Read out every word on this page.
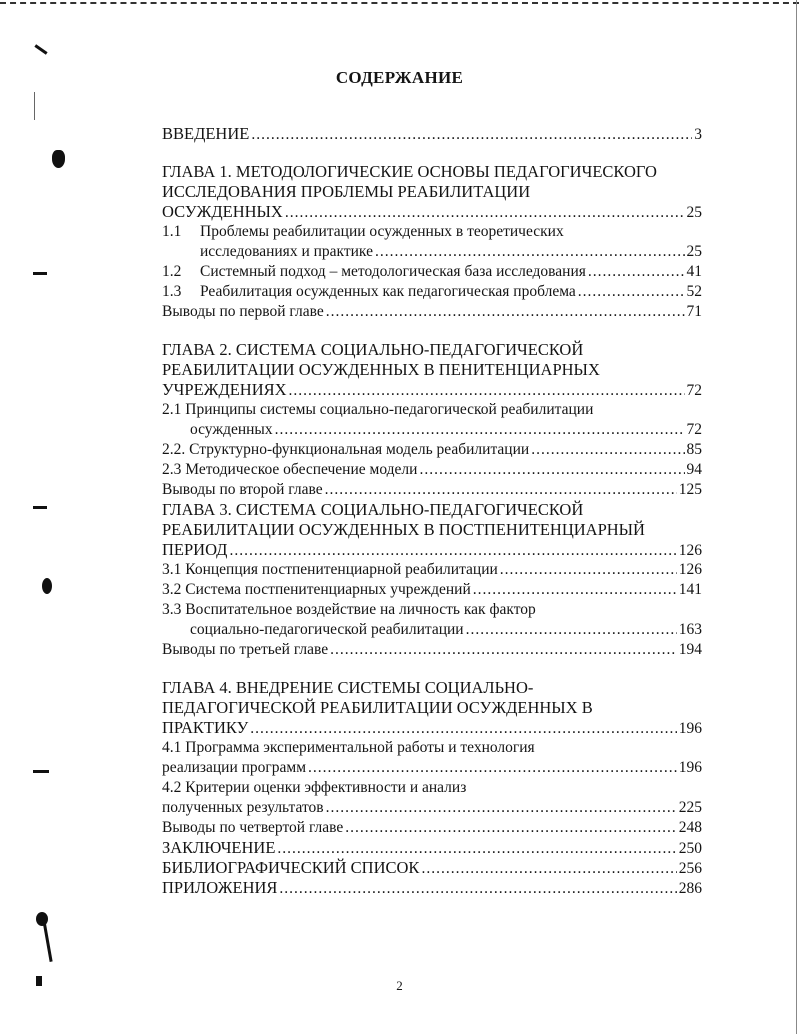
СОДЕРЖАНИЕ
ВВЕДЕНИЕ .....	3
ГЛАВА 1. МЕТОДОЛОГИЧЕСКИЕ ОСНОВЫ ПЕДАГОГИЧЕСКОГО
ИССЛЕДОВАНИЯ ПРОБЛЕМЫ РЕАБИЛИТАЦИИ
ОСУЖДЕННЫХ .....	25
1.1 Проблемы реабилитации осужденных в теоретических
исследованиях и практике .....	25
1.2	Системный подход – методологическая база исследования .....	41
1.3	Реабилитация осужденных как педагогическая проблема .....	52
Выводы по первой главе .....	71
ГЛАВА 2. СИСТЕМА СОЦИАЛЬНО-ПЕДАГОГИЧЕСКОЙ
РЕАБИЛИТАЦИИ ОСУЖДЕННЫХ В ПЕНИТЕНЦИАРНЫХ
УЧРЕЖДЕНИЯХ .....	72
2.1 Принципы системы социально-педагогической реабилитации
осужденных .....	72
2.2. Структурно-функциональная модель реабилитации .....	85
2.3 Методическое обеспечение модели .....	94
Выводы по второй главе .....	125
ГЛАВА 3. СИСТЕМА СОЦИАЛЬНО-ПЕДАГОГИЧЕСКОЙ
РЕАБИЛИТАЦИИ ОСУЖДЕННЫХ В ПОСТПЕНИТЕНЦИАРНЫЙ
ПЕРИОД .....	126
3.1 Концепция постпенитенциарной реабилитации .....	126
3.2 Система постпенитенциарных учреждений .....	141
3.3 Воспитательное воздействие на личность как фактор
социально-педагогической реабилитации .....	163
Выводы по третьей главе .....	194
ГЛАВА 4. ВНЕДРЕНИЕ СИСТЕМЫ СОЦИАЛЬНО-
ПЕДАГОГИЧЕСКОЙ РЕАБИЛИТАЦИИ ОСУЖДЕННЫХ В
ПРАКТИКУ .....	196
4.1 Программа экспериментальной работы и технология
реализации программ .....	196
4.2 Критерии оценки эффективности и анализ
полученных результатов .....	225
Выводы по четвертой главе .....	248
ЗАКЛЮЧЕНИЕ .....	250
БИБЛИОГРАФИЧЕСКИЙ СПИСОК .....	256
ПРИЛОЖЕНИЯ .....	286
2
